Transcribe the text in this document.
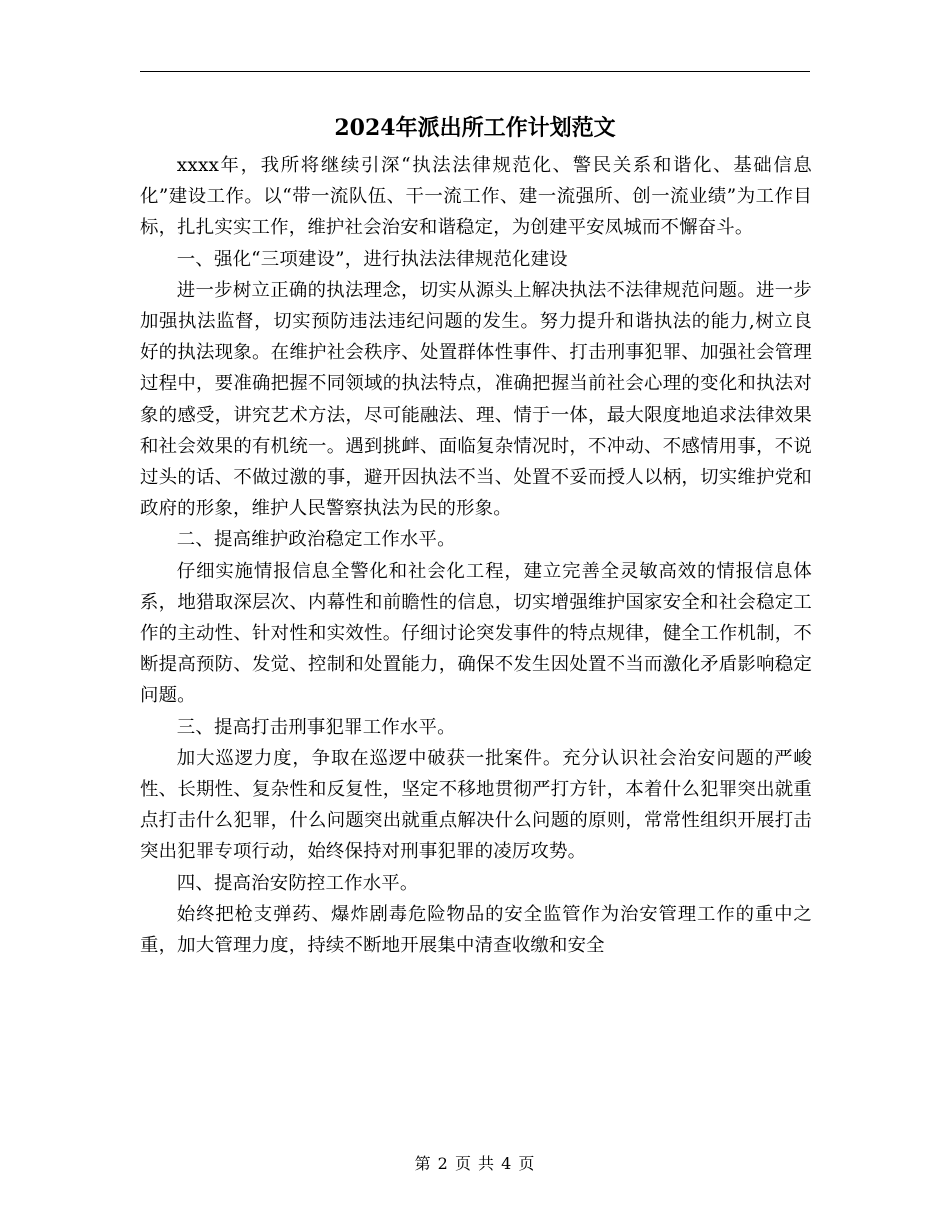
2024年派出所工作计划范文

xxxx年，我所将继续引深“执法法律规范化、警民关系和谐化、基础信息化”建设工作。以“带一流队伍、干一流工作、建一流强所、创一流业绩”为工作目标，扎扎实实工作，维护社会治安和谐稳定，为创建平安凤城而不懈奋斗。

一、强化“三项建设”，进行执法法律规范化建设

进一步树立正确的执法理念，切实从源头上解决执法不法律规范问题。进一步加强执法监督，切实预防违法违纪问题的发生。努力提升和谐执法的能力,树立良好的执法现象。在维护社会秩序、处置群体性事件、打击刑事犯罪、加强社会管理过程中，要准确把握不同领域的执法特点，准确把握当前社会心理的变化和执法对象的感受，讲究艺术方法，尽可能融法、理、情于一体，最大限度地追求法律效果和社会效果的有机统一。遇到挑衅、面临复杂情况时，不冲动、不感情用事，不说过头的话、不做过激的事，避开因执法不当、处置不妥而授人以柄，切实维护党和政府的形象，维护人民警察执法为民的形象。

二、提高维护政治稳定工作水平。

仔细实施情报信息全警化和社会化工程，建立完善全灵敏高效的情报信息体系，地猎取深层次、内幕性和前瞻性的信息，切实增强维护国家安全和社会稳定工作的主动性、针对性和实效性。仔细讨论突发事件的特点规律，健全工作机制，不断提高预防、发觉、控制和处置能力，确保不发生因处置不当而激化矛盾影响稳定问题。

三、提高打击刑事犯罪工作水平。

加大巡逻力度，争取在巡逻中破获一批案件。充分认识社会治安问题的严峻性、长期性、复杂性和反复性，坚定不移地贯彻严打方针，本着什么犯罪突出就重点打击什么犯罪，什么问题突出就重点解决什么问题的原则，常常性组织开展打击突出犯罪专项行动，始终保持对刑事犯罪的凌厉攻势。

四、提高治安防控工作水平。

始终把枪支弹药、爆炸剧毒危险物品的安全监管作为治安管理工作的重中之重，加大管理力度，持续不断地开展集中清查收缴和安全

第 2 页 共 4 页
